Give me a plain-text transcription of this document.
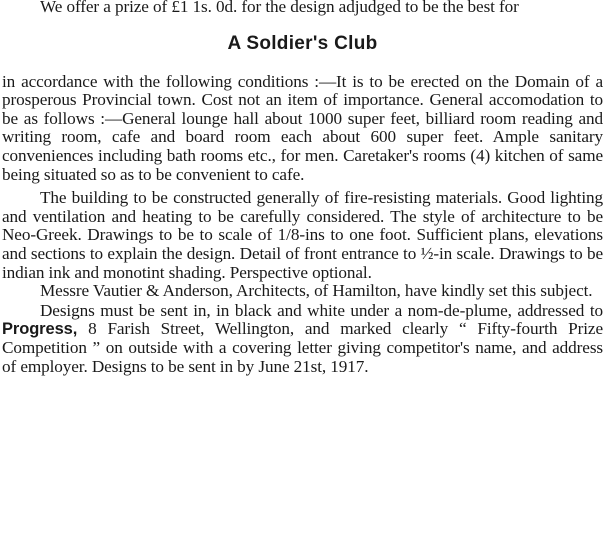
We offer a prize of £1 1s. 0d. for the design adjudged to be the best for

A Soldier's Club

in accordance with the following conditions :—It is to be erected on the Domain of a prosperous Provincial town. Cost not an item of importance. General accomodation to be as follows :—General lounge hall about 1000 super feet, billiard room reading and writing room, cafe and board room each about 600 super feet. Ample sanitary conveniences including bath rooms etc., for men. Caretaker's rooms (4) kitchen of same being situated so as to be convenient to cafe.

The building to be constructed generally of fire-resisting materials. Good lighting and ventilation and heating to be carefully considered. The style of architecture to be Neo-Greek. Drawings to be to scale of 1/8-ins to one foot. Sufficient plans, elevations and sections to explain the design. Detail of front entrance to ½-in scale. Drawings to be indian ink and monotint shading. Perspective optional.

Messre Vautier & Anderson, Architects, of Hamilton, have kindly set this subject.

Designs must be sent in, in black and white under a nom-de-plume, addressed to Progress, 8 Farish Street, Wellington, and marked clearly “ Fifty-fourth Prize Competition ” on outside with a covering letter giving competitor's name, and address of employer. Designs to be sent in by June 21st, 1917.
